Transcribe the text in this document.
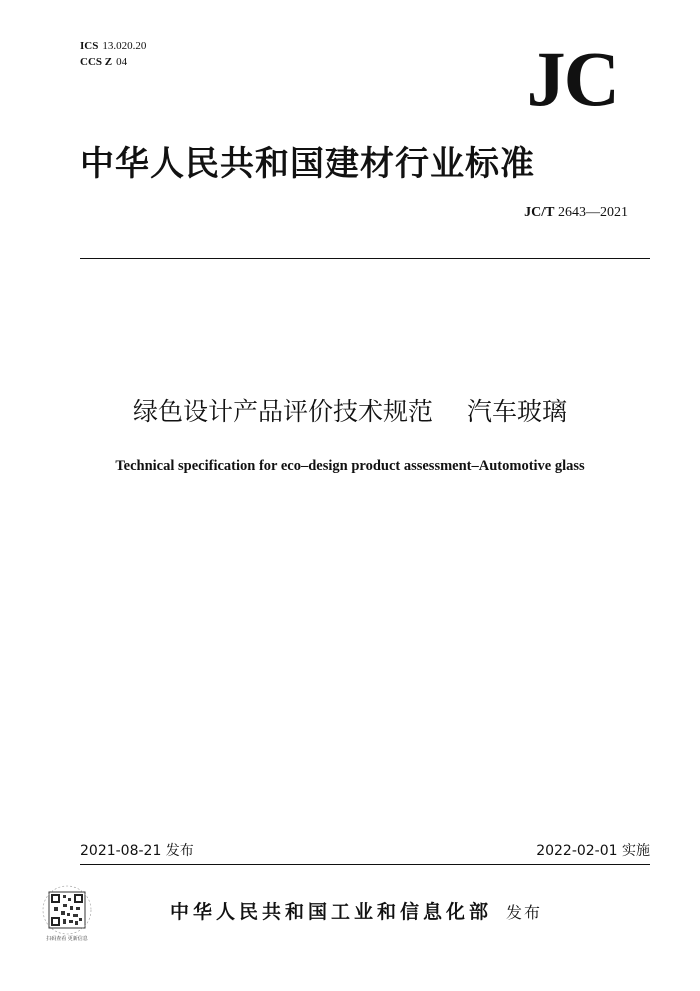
ICS 13.020.20
CCS Z 04	JC
中华人民共和国建材行业标准
JC/T 2643—2021
绿色设计产品评价技术规范 汽车玻璃
Technical specification for eco–design product assessment–Automotive glass
2021-08-21 发布	2022-02-01 实施
扫码查看 更新信息
中华人民共和国工业和信息化部 发布
